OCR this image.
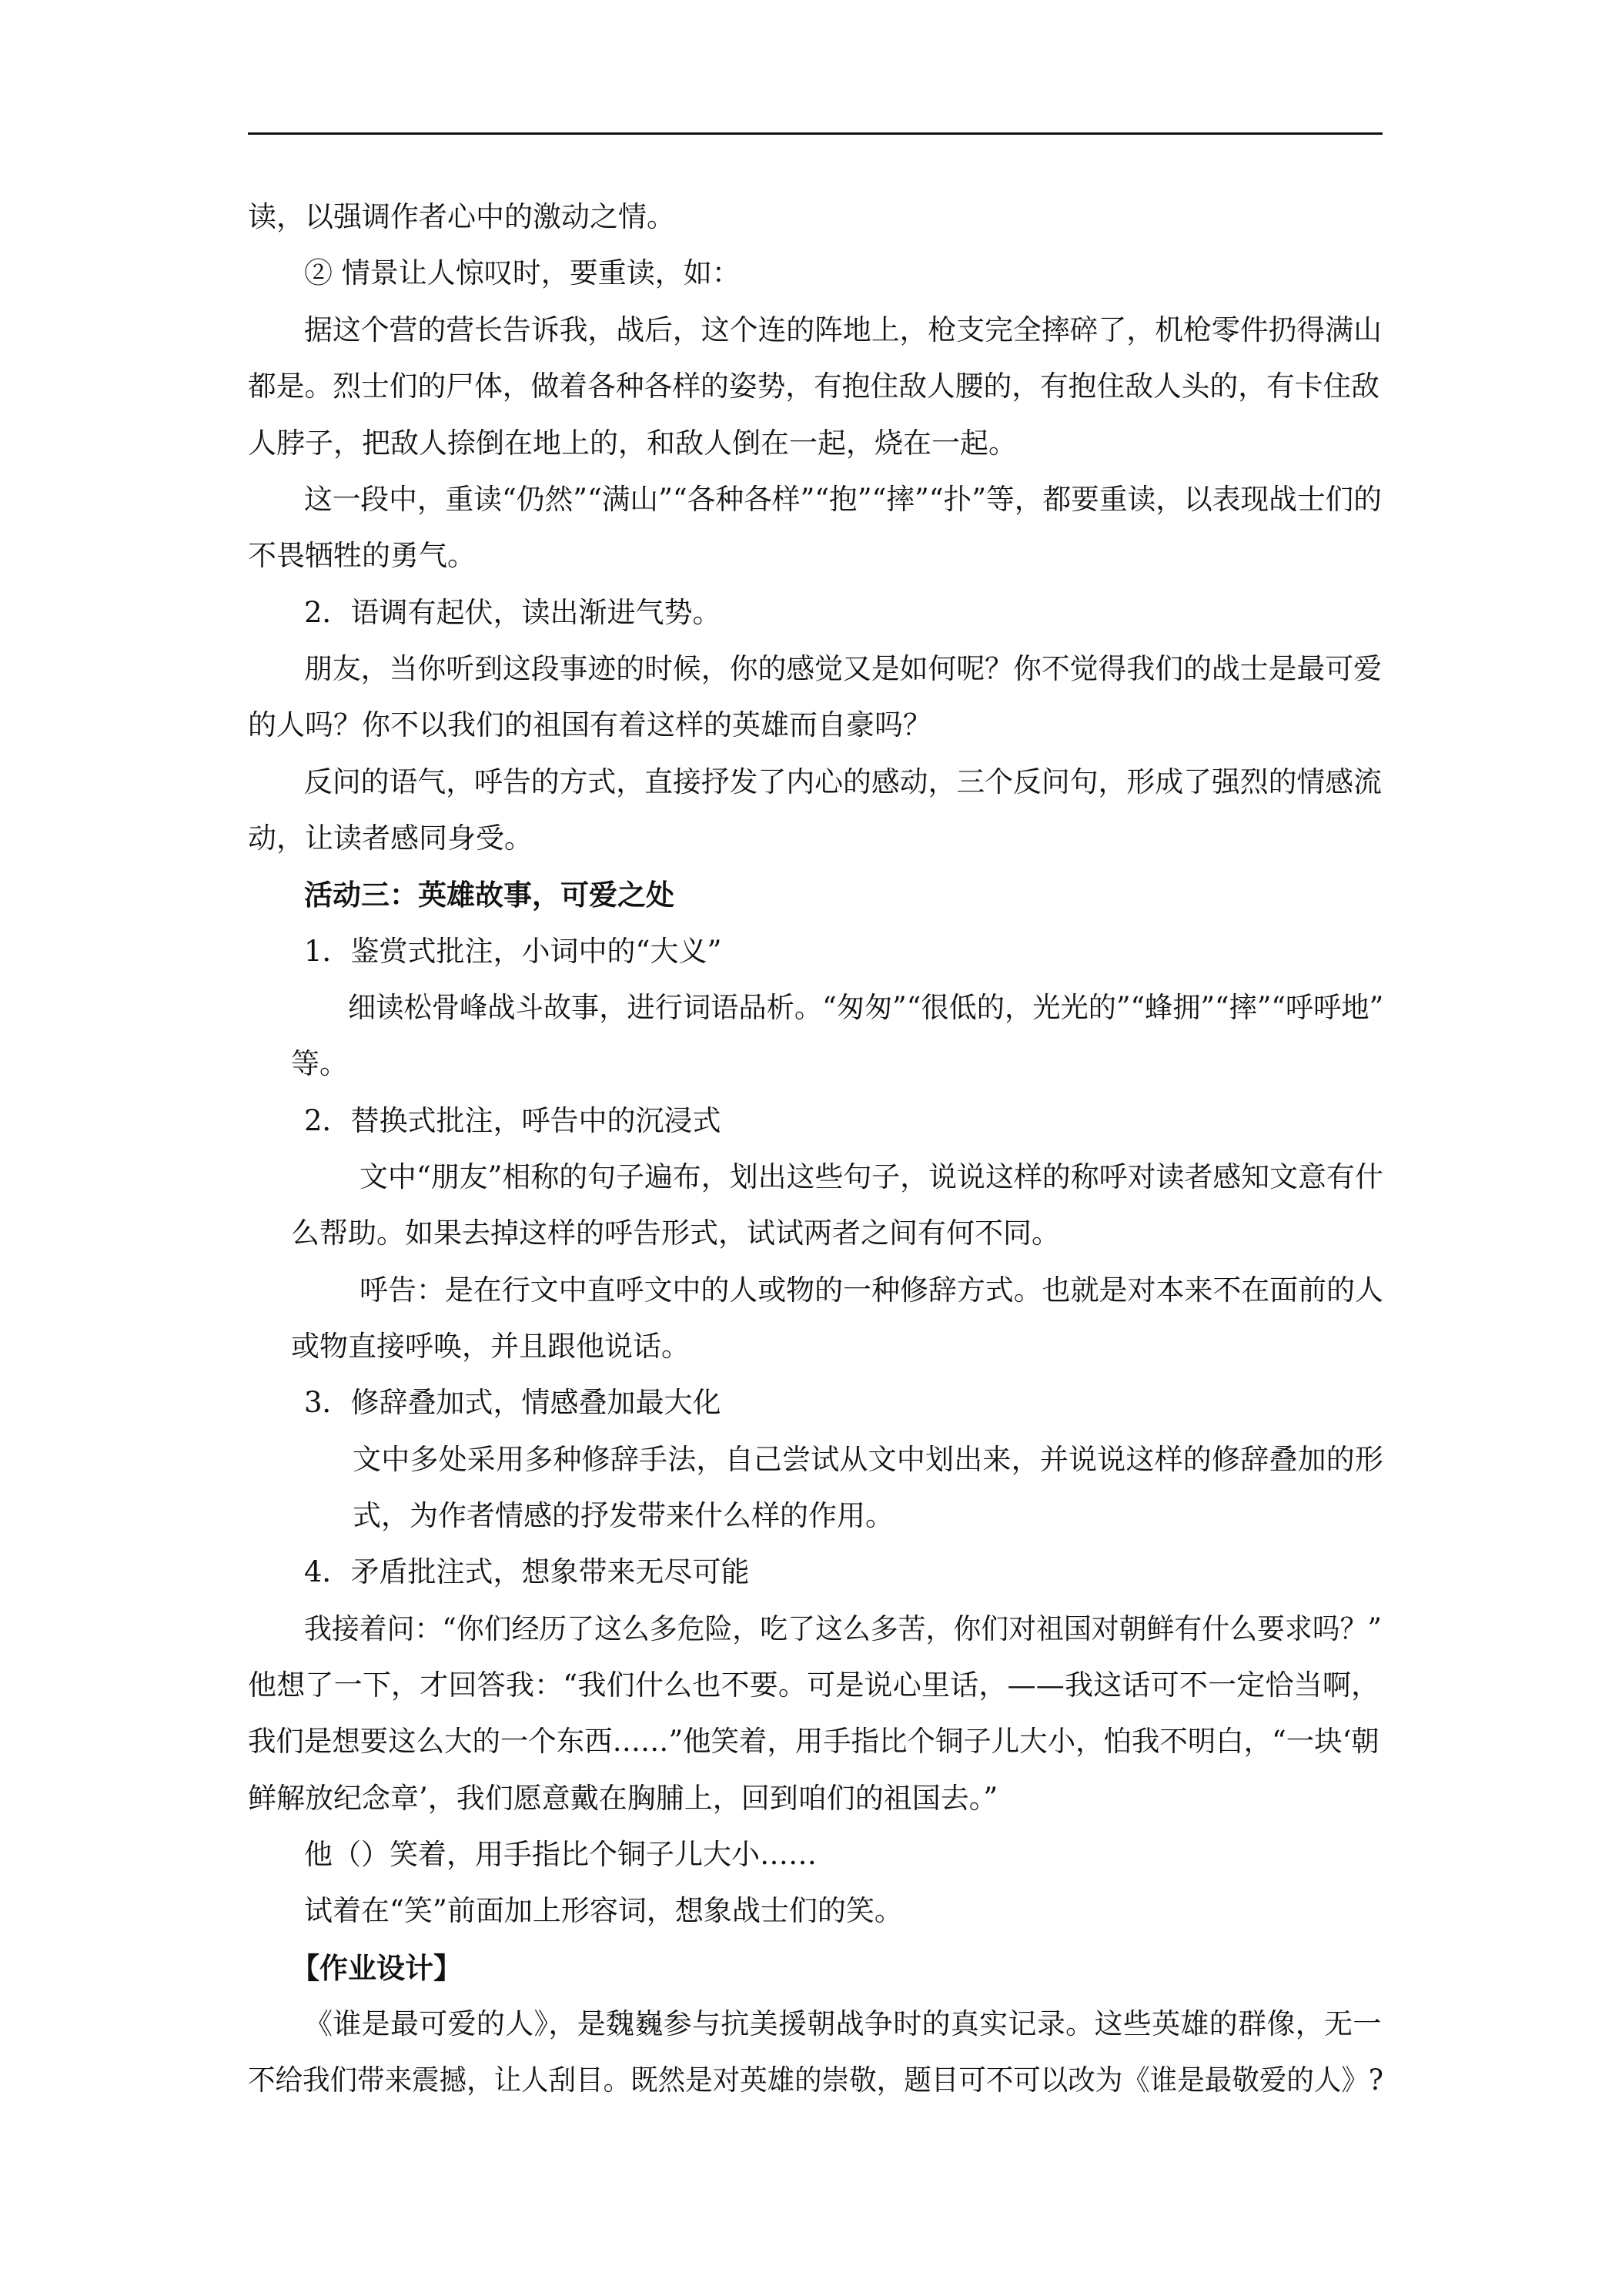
读，以强调作者心中的激动之情。
② 情景让人惊叹时，要重读，如：
据这个营的营长告诉我，战后，这个连的阵地上，枪支完全摔碎了，机枪零件扔得满山
都是。烈士们的尸体，做着各种各样的姿势，有抱住敌人腰的，有抱住敌人头的，有卡住敌
人脖子，把敌人捺倒在地上的，和敌人倒在一起，烧在一起。
这一段中，重读“仍然”“满山”“各种各样”“抱”“摔”“扑”等，都要重读，以表现战士们的
不畏牺牲的勇气。
2．语调有起伏，读出渐进气势。
朋友，当你听到这段事迹的时候，你的感觉又是如何呢？你不觉得我们的战士是最可爱
的人吗？你不以我们的祖国有着这样的英雄而自豪吗？
反问的语气，呼告的方式，直接抒发了内心的感动，三个反问句，形成了强烈的情感流
动，让读者感同身受。
活动三：英雄故事，可爱之处
1．鉴赏式批注，小词中的“大义”
细读松骨峰战斗故事，进行词语品析。“匆匆”“很低的，光光的”“蜂拥”“摔”“呼呼地”
等。
2．替换式批注，呼告中的沉浸式
文中“朋友”相称的句子遍布，划出这些句子，说说这样的称呼对读者感知文意有什
么帮助。如果去掉这样的呼告形式，试试两者之间有何不同。
呼告：是在行文中直呼文中的人或物的一种修辞方式。也就是对本来不在面前的人
或物直接呼唤，并且跟他说话。
3．修辞叠加式，情感叠加最大化
文中多处采用多种修辞手法，自己尝试从文中划出来，并说说这样的修辞叠加的形
式，为作者情感的抒发带来什么样的作用。
4．矛盾批注式，想象带来无尽可能
我接着问：“你们经历了这么多危险，吃了这么多苦，你们对祖国对朝鲜有什么要求吗？”
他想了一下，才回答我：“我们什么也不要。可是说心里话，——我这话可不一定恰当啊，
我们是想要这么大的一个东西……”他笑着，用手指比个铜子儿大小，怕我不明白，“一块‘朝
鲜解放纪念章’，我们愿意戴在胸脯上，回到咱们的祖国去。”
他（）笑着，用手指比个铜子儿大小……
试着在“笑”前面加上形容词，想象战士们的笑。
【作业设计】
《谁是最可爱的人》，是魏巍参与抗美援朝战争时的真实记录。这些英雄的群像，无一
不给我们带来震撼，让人刮目。既然是对英雄的崇敬，题目可不可以改为《谁是最敬爱的人》?
